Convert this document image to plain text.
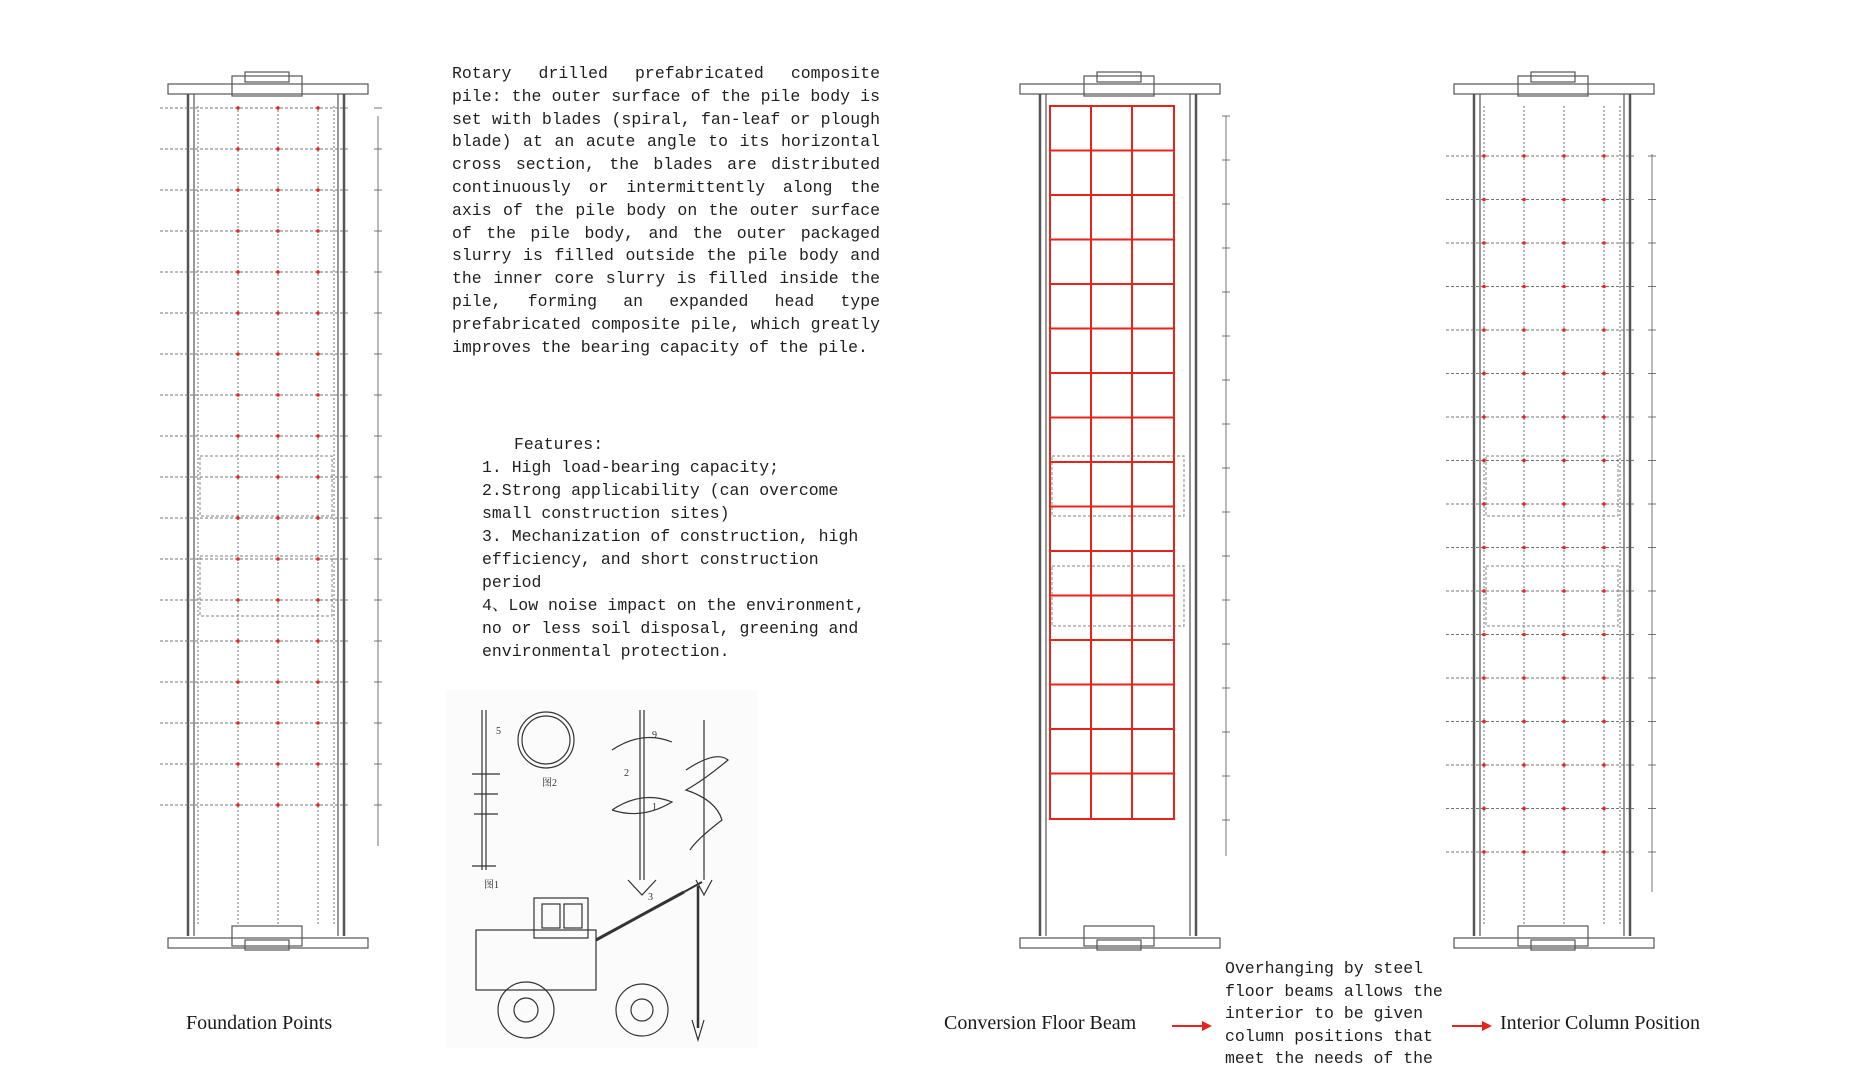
Foundation Points	Conversion Floor Beam
Overhanging by steel floor beams allows the interior to be given column positions that meet the needs of the
Interior Column Position
Rotary drilled prefabricated composite pile: the outer surface of the pile body is set with blades (spiral, fan-leaf or plough blade) at an acute angle to its horizontal cross section, the blades are distributed continuously or intermittently along the axis of the pile body on the outer surface of the pile body, and the outer packaged slurry is filled outside the pile body and the inner core slurry is filled inside the pile, forming an expanded head type prefabricated composite pile, which greatly improves the bearing capacity of the pile.
Features:
1. High load-bearing capacity;
2.Strong applicability (can overcome small construction sites)
3. Mechanization of construction, high efficiency, and short construction period
4、Low noise impact on the environment, no or less soil disposal, greening and environmental protection.
5	9
2
1
3
图1
图2
